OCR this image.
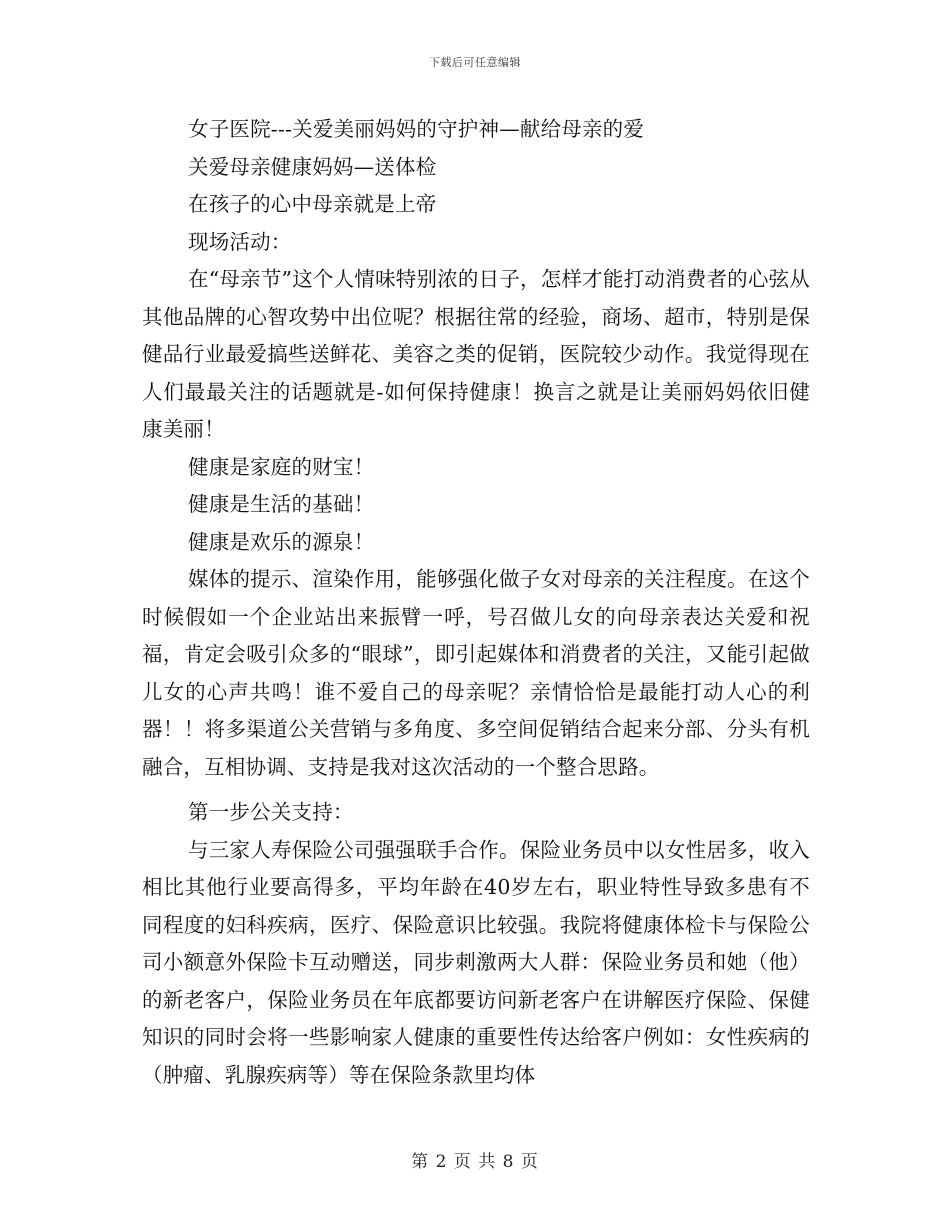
下载后可任意编辑
女子医院---关爱美丽妈妈的守护神—献给母亲的爱
关爱母亲健康妈妈—送体检
在孩子的心中母亲就是上帝
现场活动：

在“母亲节”这个人情味特别浓的日子，怎样才能打动消费者的心弦从其他品牌的心智攻势中出位呢？根据往常的经验，商场、超市，特别是保健品行业最爱搞些送鲜花、美容之类的促销，医院较少动作。我觉得现在人们最最关注的话题就是-如何保持健康！换言之就是让美丽妈妈依旧健康美丽！

健康是家庭的财宝！
健康是生活的基础！
健康是欢乐的源泉！

媒体的提示、渲染作用，能够强化做子女对母亲的关注程度。在这个时候假如一个企业站出来振臂一呼，号召做儿女的向母亲表达关爱和祝福，肯定会吸引众多的“眼球”，即引起媒体和消费者的关注，又能引起做儿女的心声共鸣！谁不爱自己的母亲呢？亲情恰恰是最能打动人心的利器！！将多渠道公关营销与多角度、多空间促销结合起来分部、分头有机融合，互相协调、支持是我对这次活动的一个整合思路。

第一步公关支持：

与三家人寿保险公司强强联手合作。保险业务员中以女性居多，收入相比其他行业要高得多，平均年龄在40岁左右，职业特性导致多患有不同程度的妇科疾病，医疗、保险意识比较强。我院将健康体检卡与保险公司小额意外保险卡互动赠送，同步刺激两大人群：保险业务员和她（他）的新老客户，保险业务员在年底都要访问新老客户在讲解医疗保险、保健知识的同时会将一些影响家人健康的重要性传达给客户例如：女性疾病的（肿瘤、乳腺疾病等）等在保险条款里均体

第 2 页 共 8 页
